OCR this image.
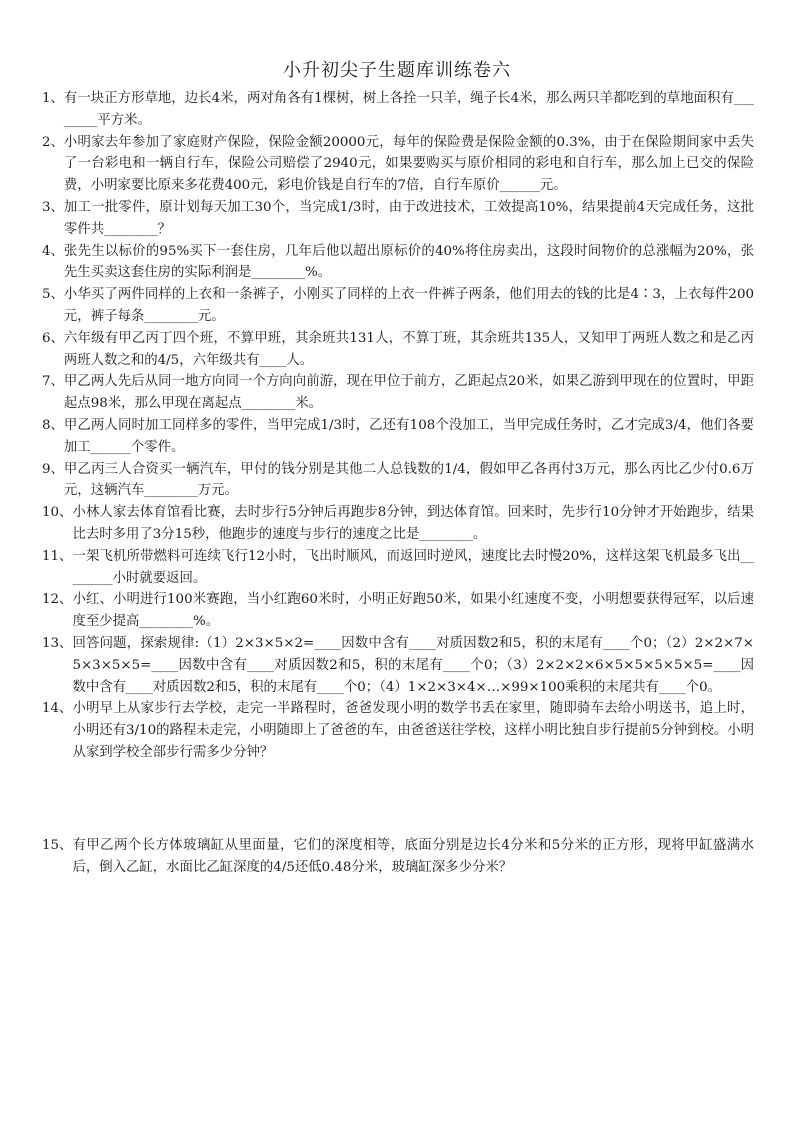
小升初尖子生题库训练卷六
1、 有一块正方形草地，边长4米，两对角各有1棵树，树上各拴一只羊，绳子长4米，那么两只羊都吃到的草地面积有________平方米。
2、 小明家去年参加了家庭财产保险，保险金额20000元，每年的保险费是保险金额的0.3%，由于在保险期间家中丢失了一台彩电和一辆自行车，保险公司赔偿了2940元，如果要购买与原价相同的彩电和自行车，那么加上已交的保险费，小明家要比原来多花费400元，彩电价钱是自行车的7倍，自行车原价______元。
3、 加工一批零件，原计划每天加工30个，当完成1/3时，由于改进技术，工效提高10%，结果提前4天完成任务，这批零件共________？
4、 张先生以标价的95%买下一套住房，几年后他以超出原标价的40%将住房卖出，这段时间物价的总涨幅为20%，张先生买卖这套住房的实际利润是________%。
5、 小华买了两件同样的上衣和一条裤子，小刚买了同样的上衣一件裤子两条，他们用去的钱的比是4∶3，上衣每件200元，裤子每条________元。
6、 六年级有甲乙丙丁四个班，不算甲班，其余班共131人，不算丁班，其余班共135人，又知甲丁两班人数之和是乙丙两班人数之和的4/5，六年级共有____人。
7、 甲乙两人先后从同一地方向同一个方向向前游，现在甲位于前方，乙距起点20米，如果乙游到甲现在的位置时，甲距起点98米，那么甲现在离起点________米。
8、 甲乙两人同时加工同样多的零件，当甲完成1/3时，乙还有108个没加工，当甲完成任务时，乙才完成3/4，他们各要加工______个零件。
9、 甲乙丙三人合资买一辆汽车，甲付的钱分别是其他二人总钱数的1/4，假如甲乙各再付3万元，那么丙比乙少付0.6万元，这辆汽车________万元。
10、 小林人家去体育馆看比赛，去时步行5分钟后再跑步8分钟，到达体育馆。回来时，先步行10分钟才开始跑步，结果比去时多用了3分15秒，他跑步的速度与步行的速度之比是________。
11、 一架飞机所带燃料可连续飞行12小时，飞出时顺风，而返回时逆风，速度比去时慢20%，这样这架飞机最多飞出________小时就要返回。
12、 小红、小明进行100米赛跑，当小红跑60米时，小明正好跑50米，如果小红速度不变，小明想要获得冠军，以后速度至少提高________%。
13、 回答问题，探索规律:（1）2×3×5×2=____因数中含有____对质因数2和5，积的末尾有____个0；（2）2×2×7×5×3×5×5=____因数中含有____对质因数2和5，积的末尾有____个0；（3）2×2×2×6×5×5×5×5×5=____因数中含有____对质因数2和5，积的末尾有____个0；（4）1×2×3×4×…×99×100乘积的末尾共有____个0。
14、 小明早上从家步行去学校，走完一半路程时，爸爸发现小明的数学书丢在家里，随即骑车去给小明送书，追上时，小明还有3/10的路程未走完，小明随即上了爸爸的车，由爸爸送往学校，这样小明比独自步行提前5分钟到校。小明从家到学校全部步行需多少分钟？
15、 有甲乙两个长方体玻璃缸从里面量，它们的深度相等，底面分别是边长4分米和5分米的正方形，现将甲缸盛满水后，倒入乙缸，水面比乙缸深度的4/5还低0.48分米，玻璃缸深多少分米？
